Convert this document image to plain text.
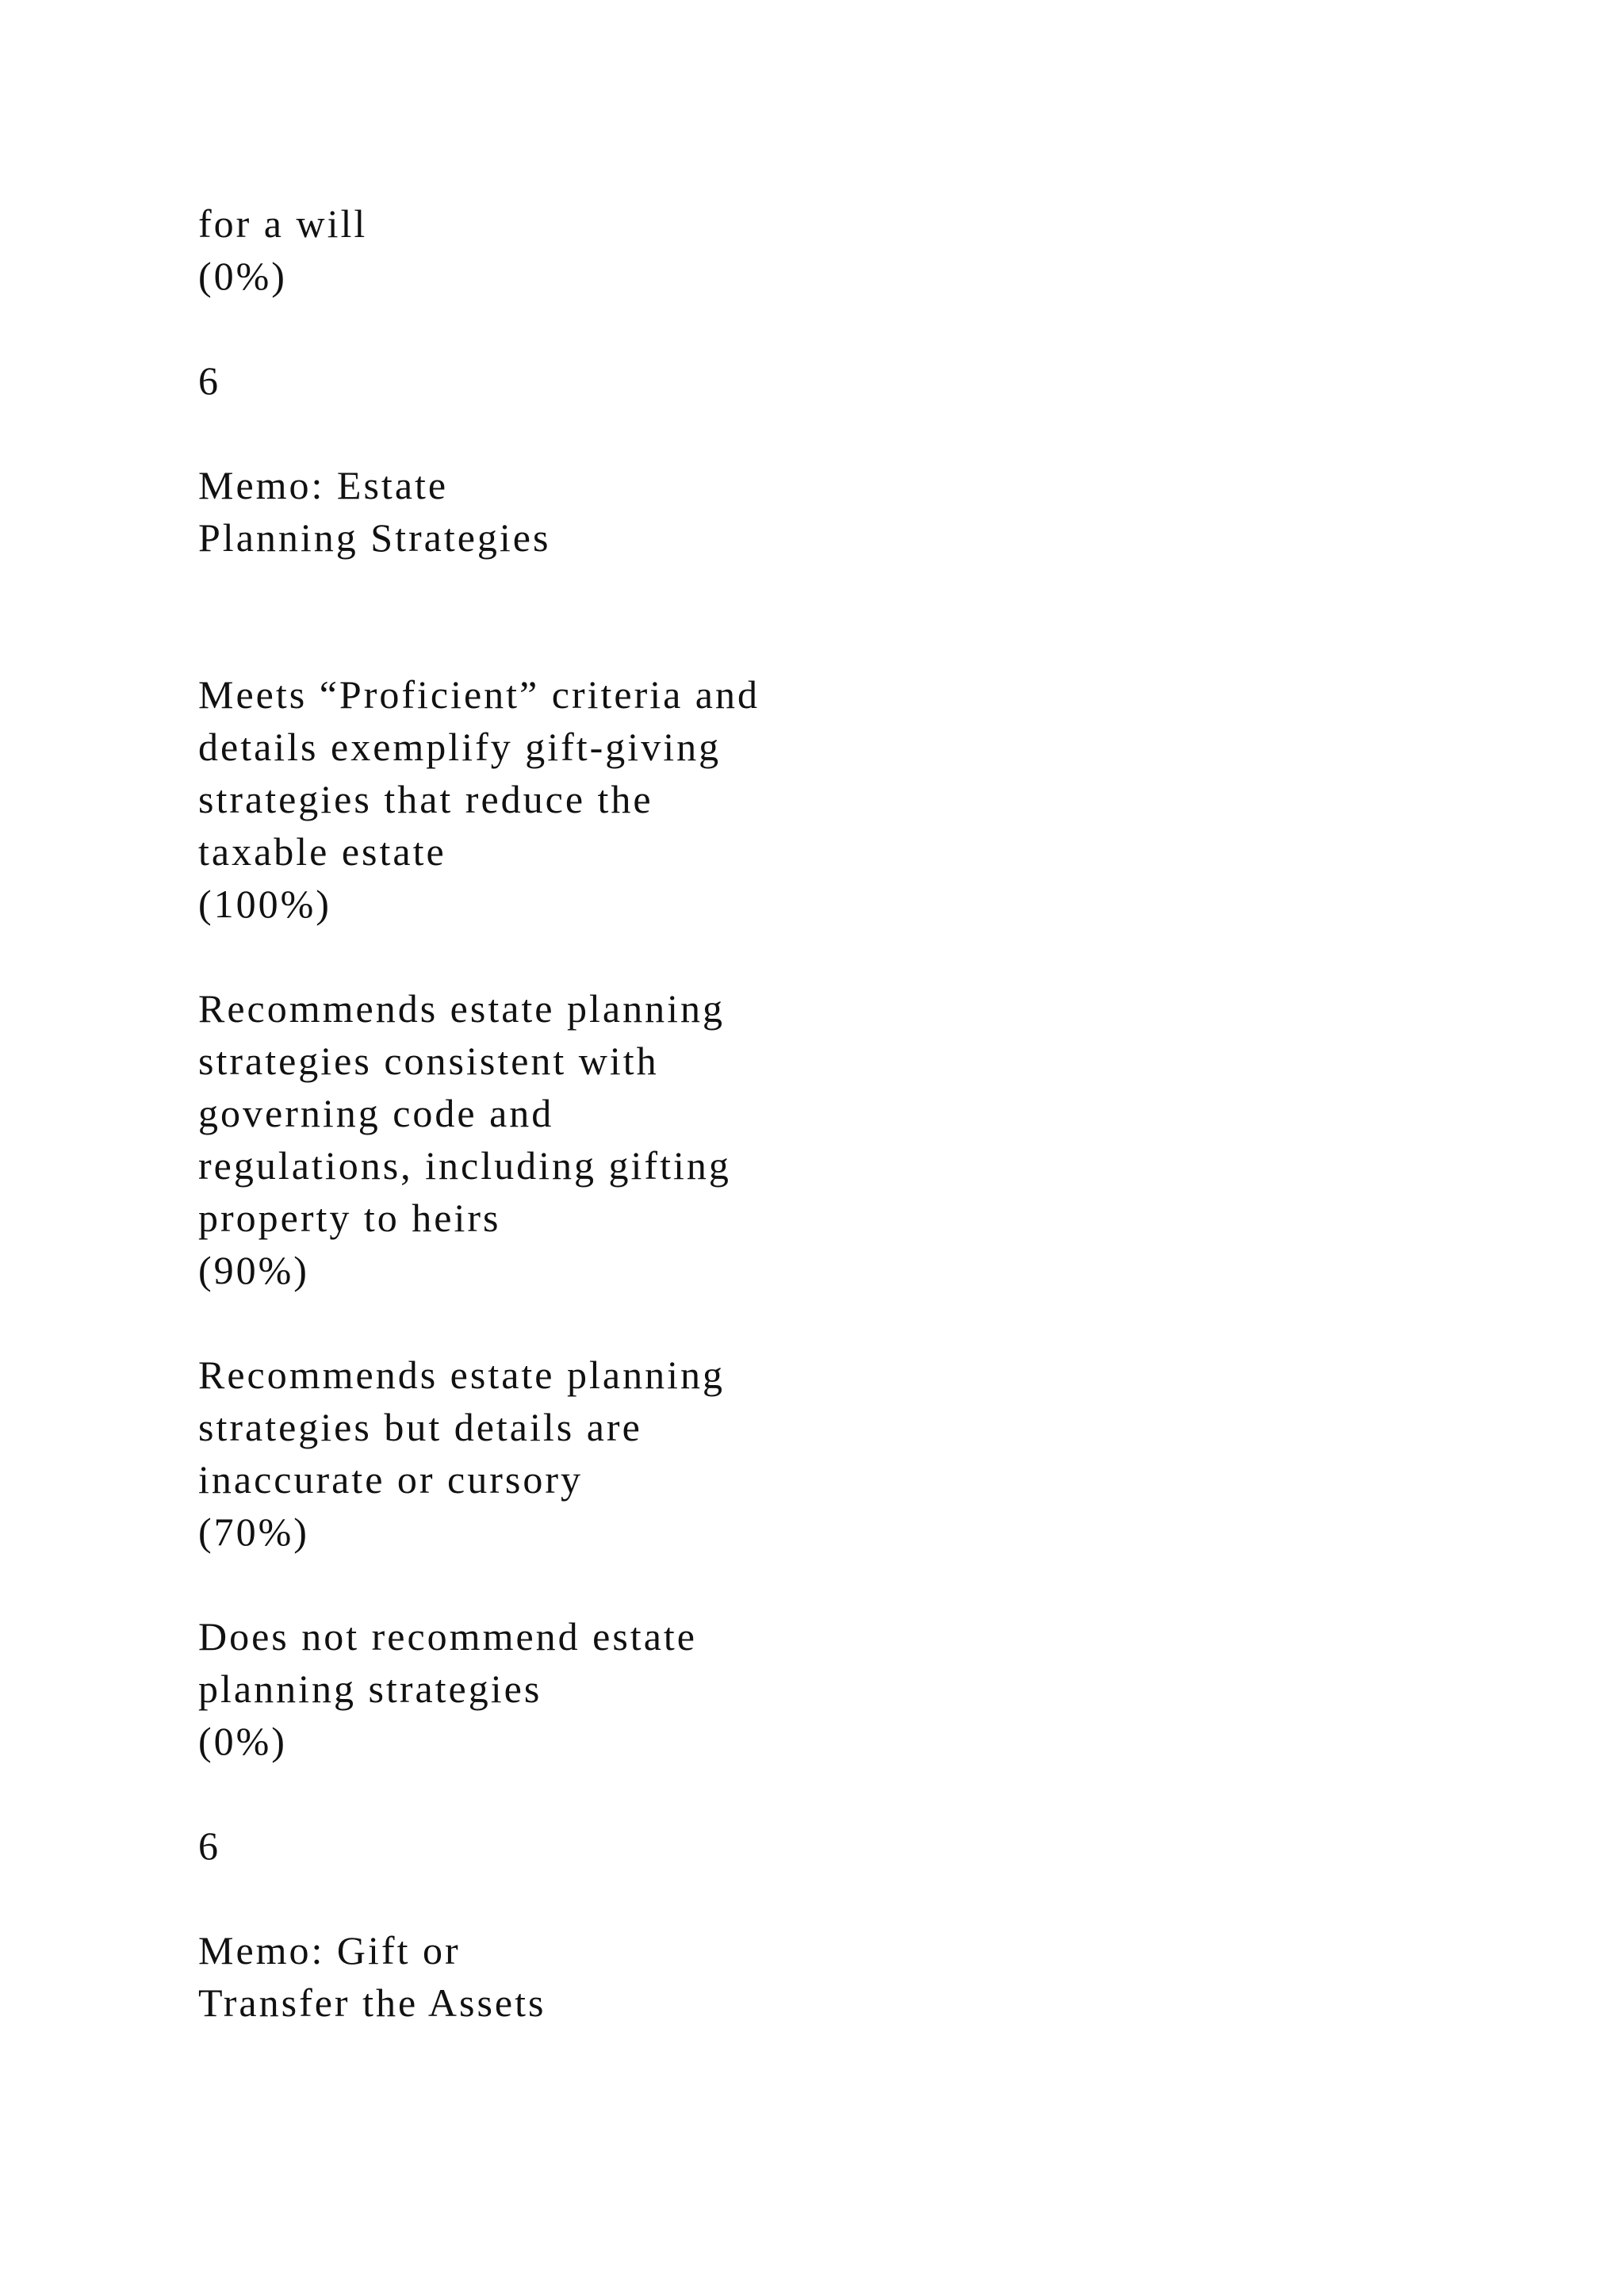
for a will

(0%)

6

Memo: Estate

Planning Strategies

Meets “Proficient” criteria and

details exemplify gift-giving

strategies that reduce the

taxable estate

(100%)

Recommends estate planning

strategies consistent with

governing code and

regulations, including gifting

property to heirs

(90%)

Recommends estate planning

strategies but details are

inaccurate or cursory

(70%)

Does not recommend estate

planning strategies

(0%)

6

Memo: Gift or

Transfer the Assets
